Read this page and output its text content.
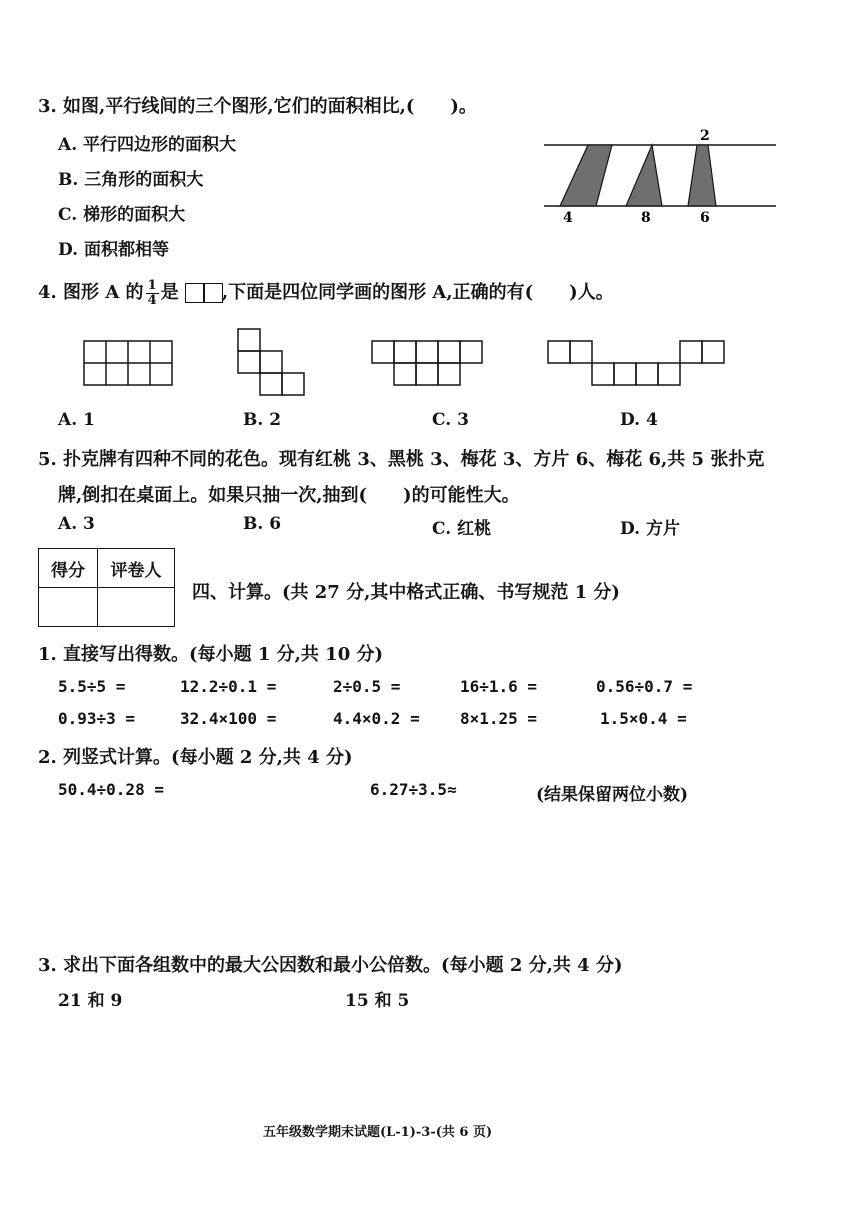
3. 如图,平行线间的三个图形,它们的面积相比,(　　)。
A. 平行四边形的面积大
B. 三角形的面积大
C. 梯形的面积大
D. 面积都相等
4	8	6
2
4. 图形 A 的 $\frac{1}{4}$ 是 ,下面是四位同学画的图形 A,正确的有(　　)人。
A. 1	B. 2	C. 3	D. 4
5. 扑克牌有四种不同的花色。现有红桃 3、黑桃 3、梅花 3、方片 6、梅花 6,共 5 张扑克
牌,倒扣在桌面上。如果只抽一次,抽到(　　)的可能性大。
A. 3	B. 6	C. 红桃	D. 方片
得分	评卷人

四、计算。(共 27 分,其中格式正确、书写规范 1 分)
1. 直接写出得数。(每小题 1 分,共 10 分)
5.5÷5 =	12.2÷0.1 =	2÷0.5 =	16÷1.6 =	0.56÷0.7 =
0.93÷3 =	32.4×100 =	4.4×0.2 =	8×1.25 =	1.5×0.4 =
2. 列竖式计算。(每小题 2 分,共 4 分)
50.4÷0.28 =	6.27÷3.5≈	(结果保留两位小数)
3. 求出下面各组数中的最大公因数和最小公倍数。(每小题 2 分,共 4 分)
21 和 9	15 和 5
五年级数学期末试题(L-1)-3-(共 6 页)
